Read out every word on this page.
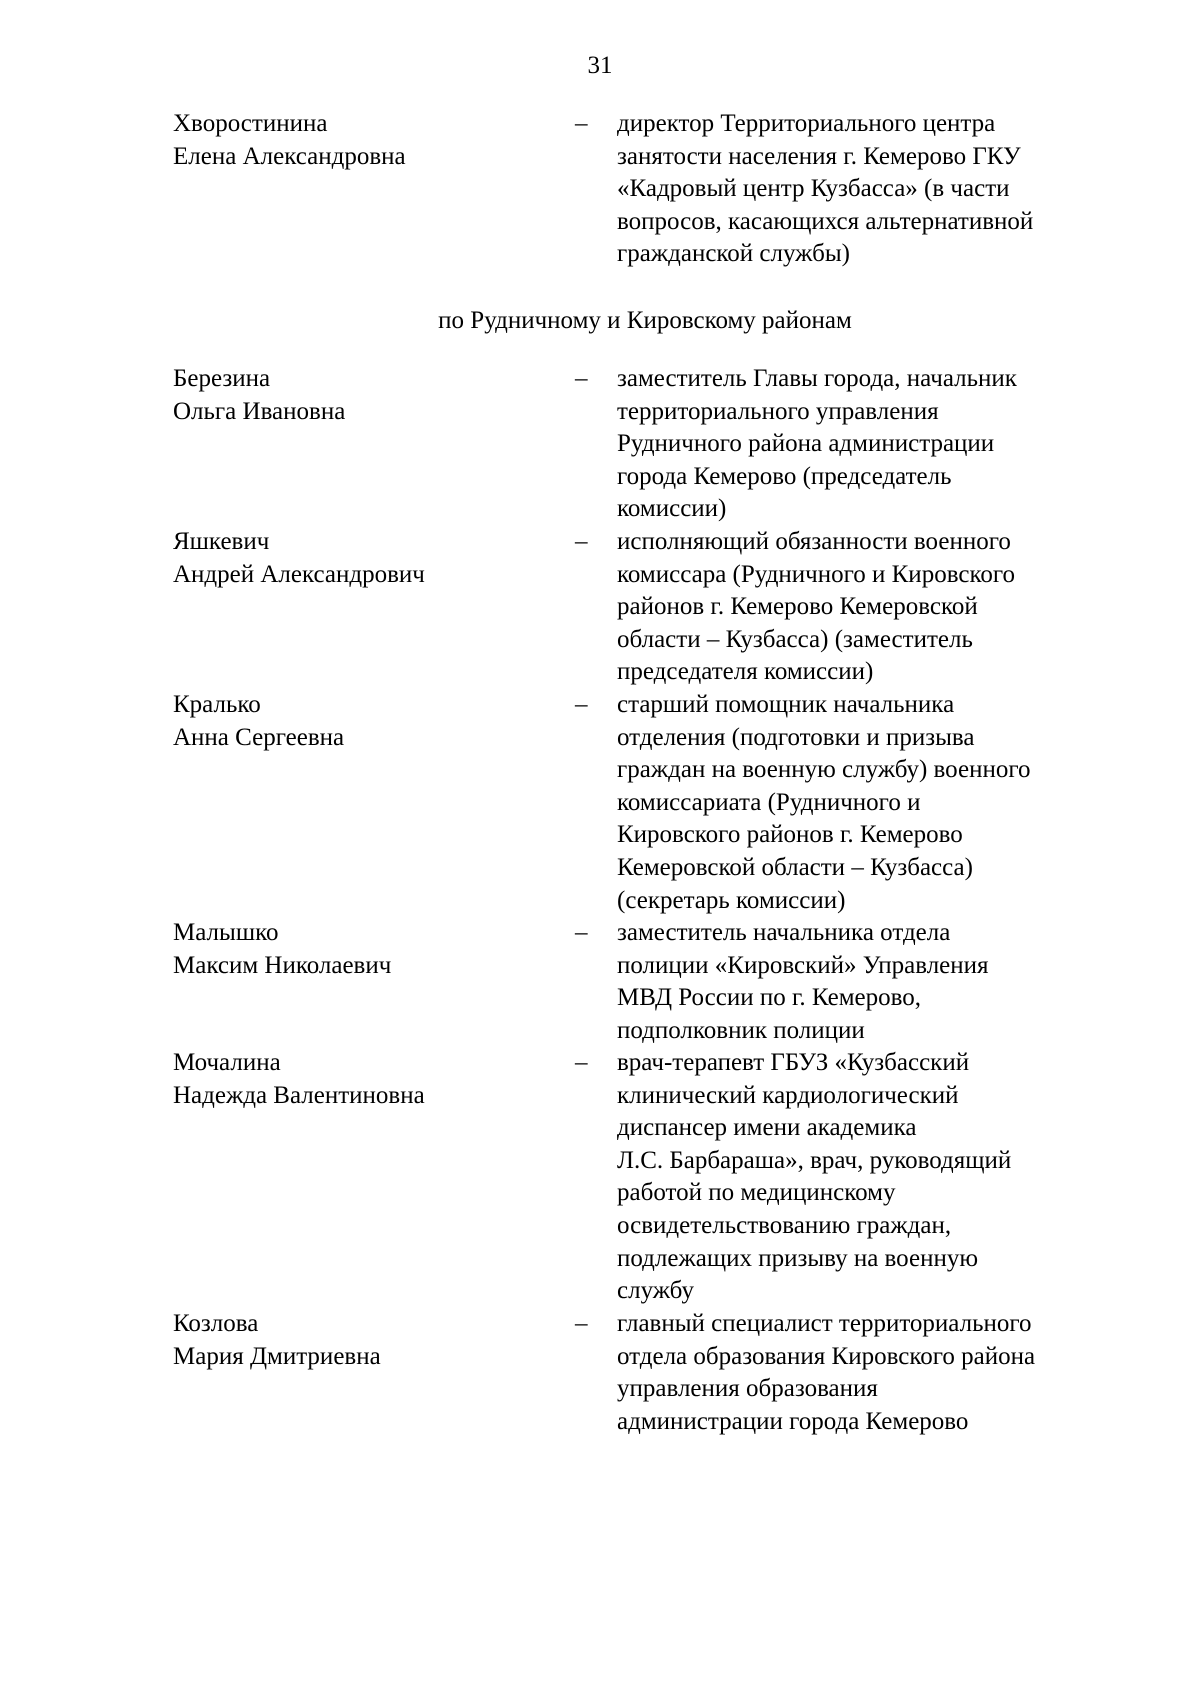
31
Хворостинина
Елена Александровна
– директор Территориального центра
занятости населения г. Кемерово ГКУ
«Кадровый центр Кузбасса» (в части
вопросов, касающихся альтернативной
гражданской службы)
по Рудничному и Кировскому районам
Березина
Ольга Ивановна
– заместитель Главы города, начальник
территориального управления
Рудничного района администрации
города Кемерово (председатель
комиссии)
Яшкевич
Андрей Александрович
– исполняющий обязанности военного
комиссара (Рудничного и Кировского
районов г. Кемерово Кемеровской
области – Кузбасса) (заместитель
председателя комиссии)
Кралько
Анна Сергеевна
– старший помощник начальника
отделения (подготовки и призыва
граждан на военную службу) военного
комиссариата (Рудничного и
Кировского районов г. Кемерово
Кемеровской области – Кузбасса)
(секретарь комиссии)
Малышко
Максим Николаевич
– заместитель начальника отдела
полиции «Кировский» Управления
МВД России по г. Кемерово,
подполковник полиции
Мочалина
Надежда Валентиновна
– врач-терапевт ГБУЗ «Кузбасский
клинический кардиологический
диспансер имени академика
Л.С. Барбараша», врач, руководящий
работой по медицинскому
освидетельствованию граждан,
подлежащих призыву на военную
службу
Козлова
Мария Дмитриевна
– главный специалист территориального
отдела образования Кировского района
управления образования
администрации города Кемерово
